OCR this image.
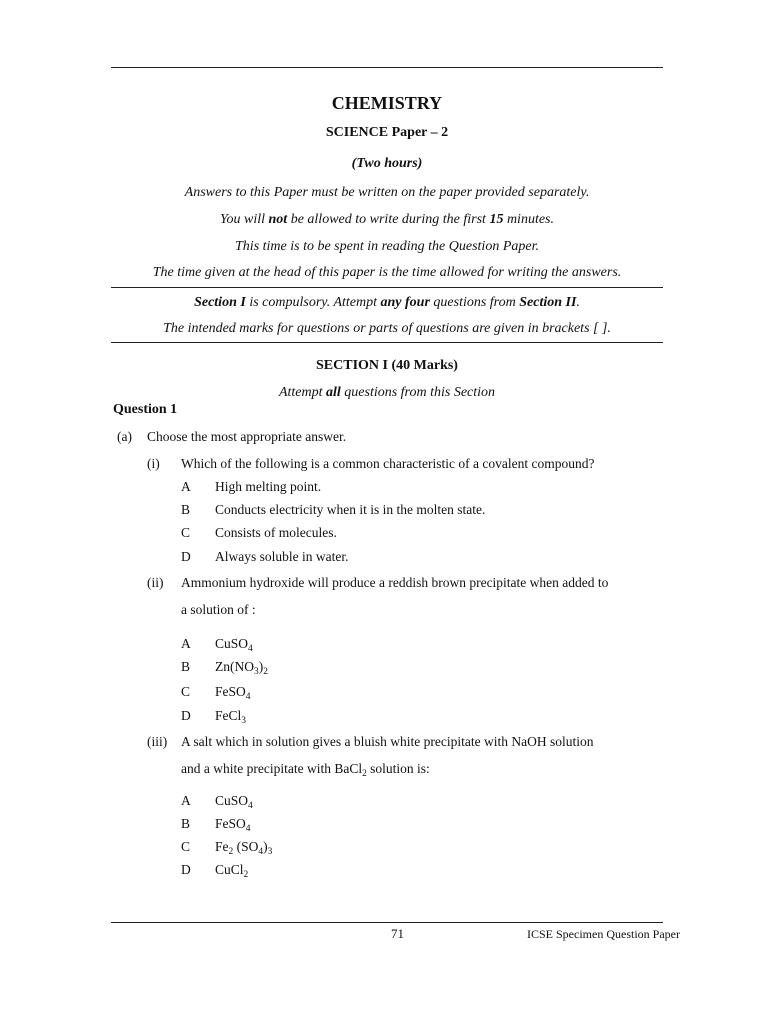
CHEMISTRY
SCIENCE Paper – 2
(Two hours)
Answers to this Paper must be written on the paper provided separately.
You will not be allowed to write during the first 15 minutes.
This time is to be spent in reading the Question Paper.
The time given at the head of this paper is the time allowed for writing the answers.
Section I is compulsory. Attempt any four questions from Section II.
The intended marks for questions or parts of questions are given in brackets [ ].
SECTION I (40 Marks)
Attempt all questions from this Section
Question 1
(a) Choose the most appropriate answer.
(i) Which of the following is a common characteristic of a covalent compound?
A High melting point.
B Conducts electricity when it is in the molten state.
C Consists of molecules.
D Always soluble in water.
(ii) Ammonium hydroxide will produce a reddish brown precipitate when added to
a solution of :
A CuSO$_4$
B $Zn(NO_3)_2$
C FeSO$_4$
D FeCl$_3$
(iii) A salt which in solution gives a bluish white precipitate with NaOH solution
and a white precipitate with BaCl$_2$ solution is:
A CuSO$_4$
B FeSO$_4$
C $Fe_2$ $(SO_4)_3$
D CuCl$_2$
71	ICSE Specimen Question Paper
